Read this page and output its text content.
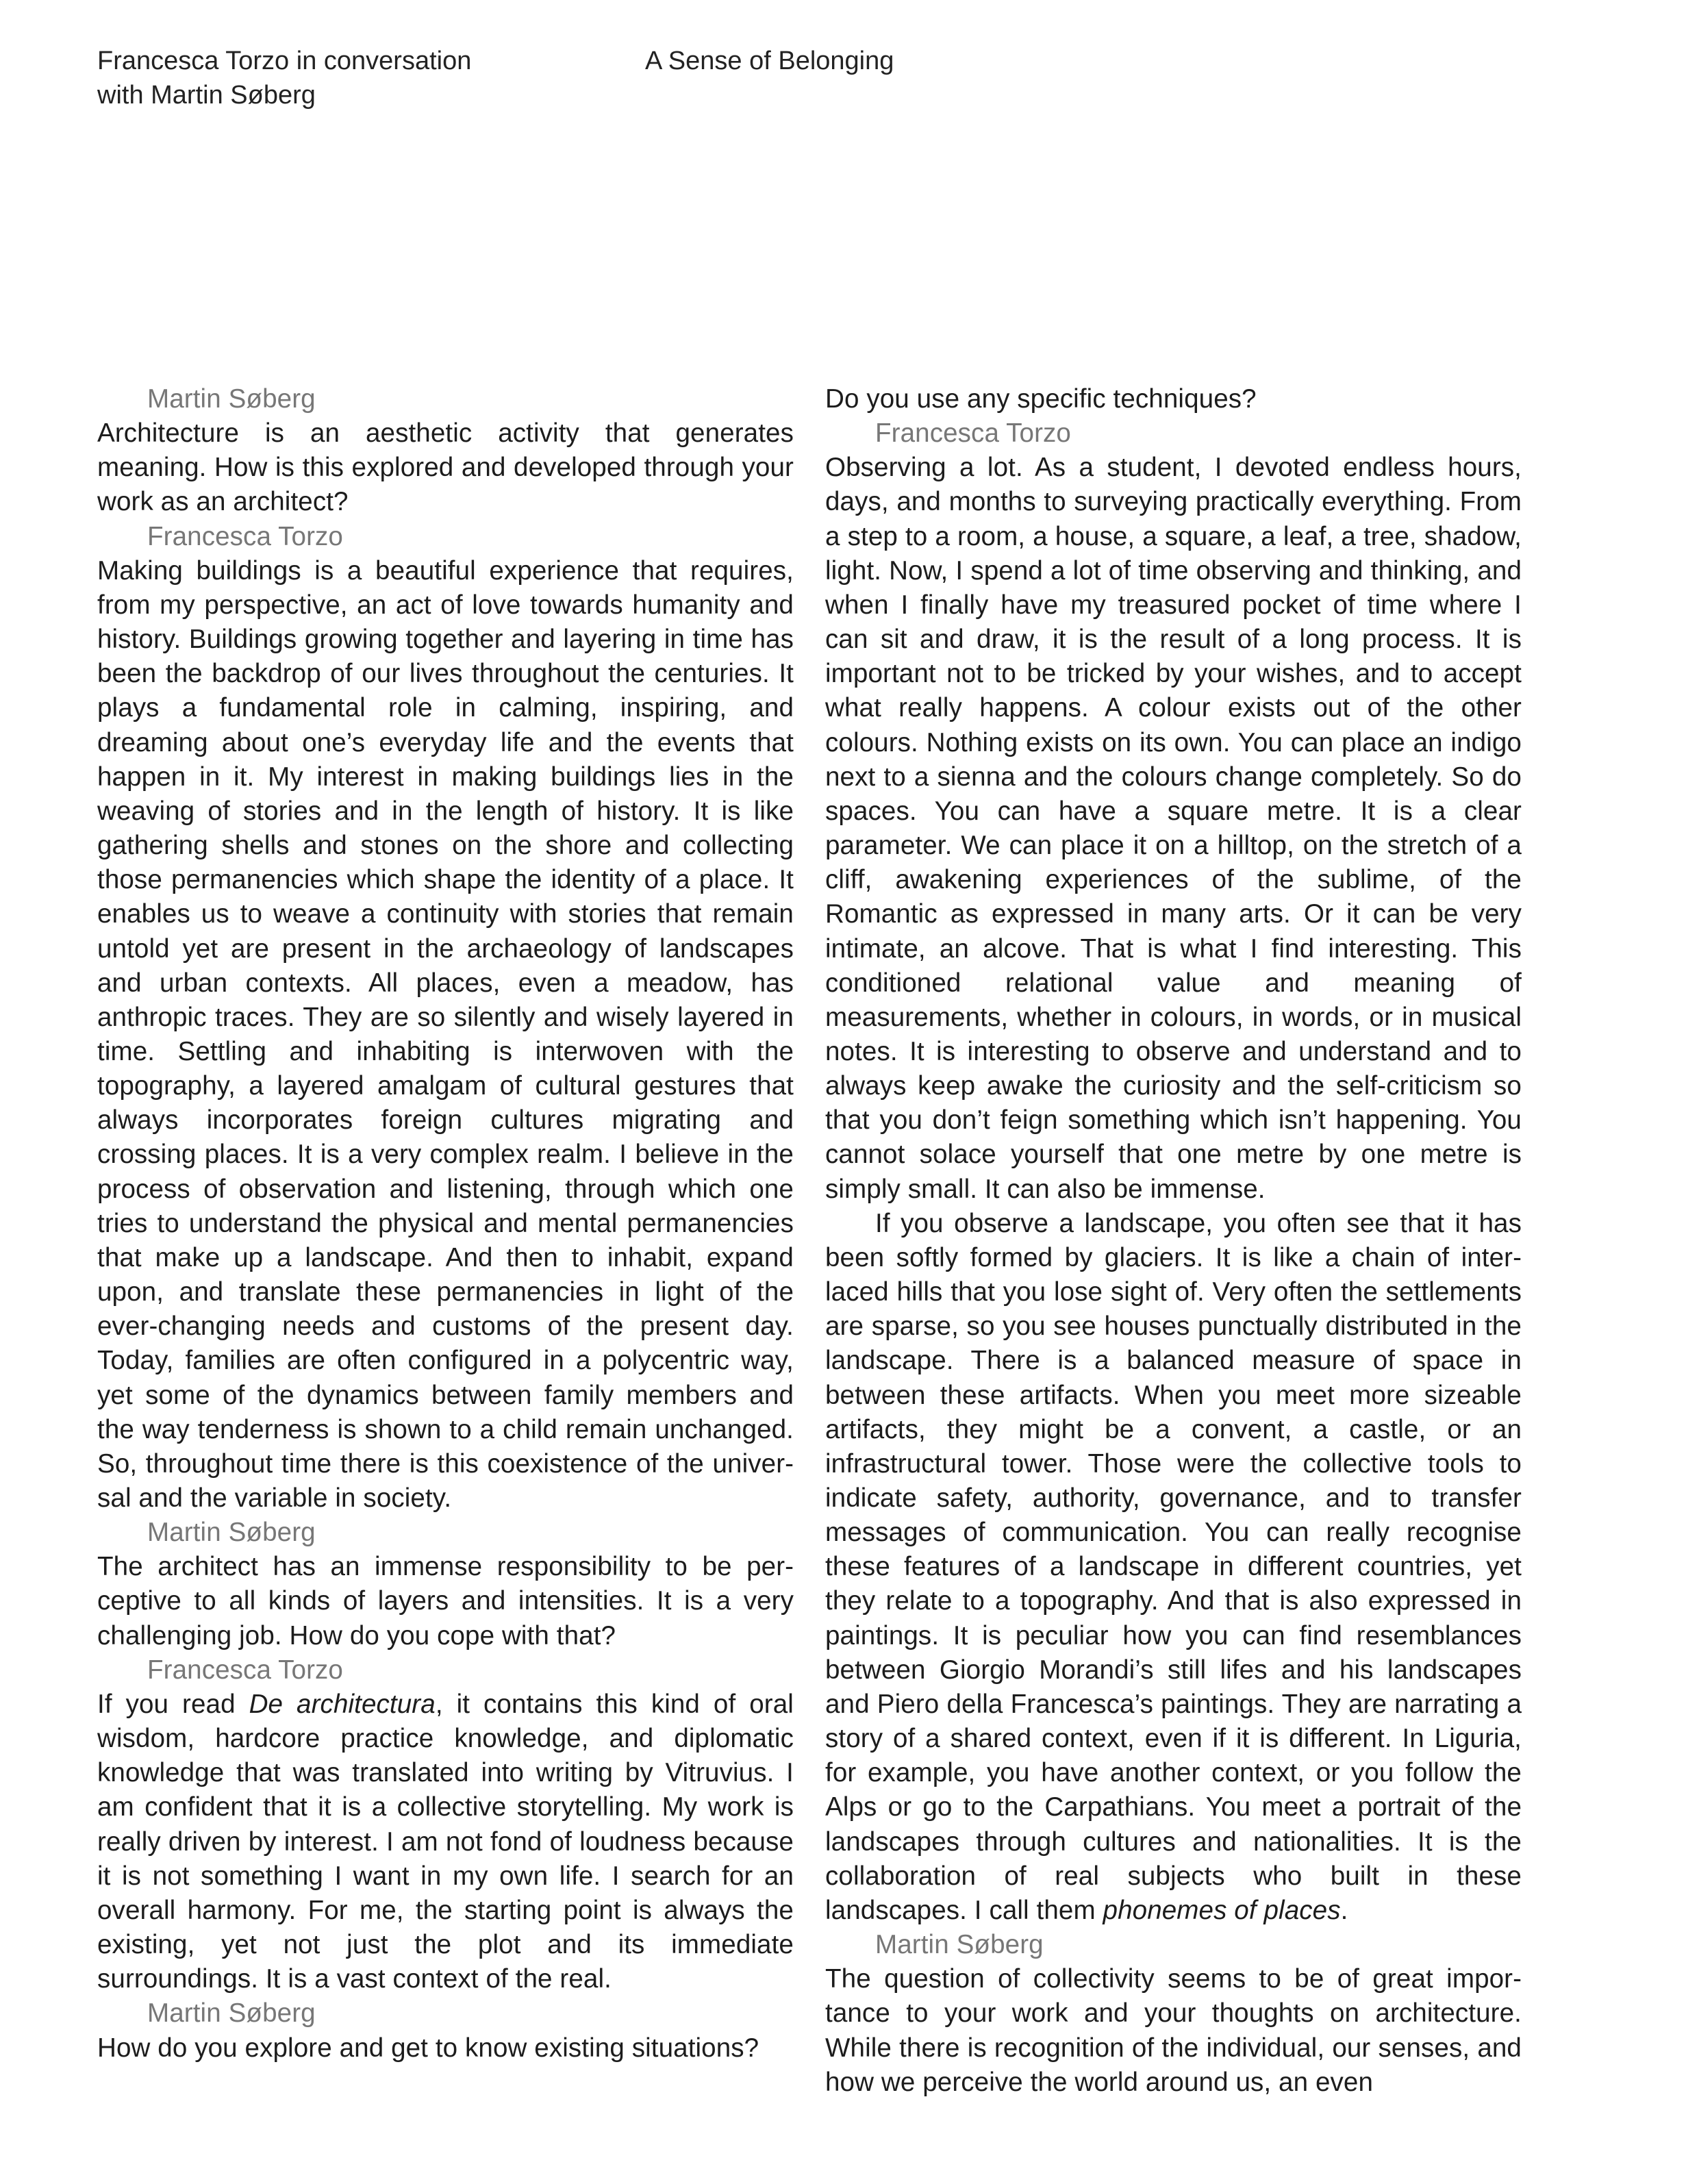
Francesca Torzo in conversation
with Martin Søberg
A Sense of Belonging

Martin Søberg

Architecture is an aesthetic activity that generates meaning. How is this explored and developed through your work as an architect?

Francesca Torzo

Making buildings is a beautiful experience that requires, from my perspective, an act of love towards humanity and history. Buildings growing together and layering in time has been the backdrop of our lives throughout the centuries. It plays a fundamental role in calming, inspiring, and dreaming about one’s everyday life and the events that happen in it. My interest in making buildings lies in the weaving of stories and in the length of history. It is like gathering shells and stones on the shore and collecting those permanencies which shape the identity of a place. It enables us to weave a continuity with stories that remain untold yet are present in the archaeology of landscapes and urban contexts. All places, even a meadow, has anthropic traces. They are so silently and wisely layered in time. Settling and inhabiting is interwoven with the topography, a layered amalgam of cultural gestures that always incorporates foreign cultures migrating and crossing places. It is a very complex realm. I believe in the process of observation and listening, through which one tries to understand the physical and mental permanencies that make up a landscape. And then to inhabit, expand upon, and translate these permanencies in light of the ever-changing needs and customs of the present day. Today, families are often configured in a polycentric way, yet some of the dynamics between family members and the way tenderness is shown to a child remain unchanged. So, throughout time there is this coexistence of the universal and the variable in society.

Martin Søberg

The architect has an immense responsibility to be perceptive to all kinds of layers and intensities. It is a very challenging job. How do you cope with that?

Francesca Torzo

If you read De architectura, it contains this kind of oral wisdom, hardcore practice knowledge, and diplomatic knowledge that was translated into writing by Vitruvius. I am confident that it is a collective storytelling. My work is really driven by interest. I am not fond of loudness because it is not something I want in my own life. I search for an overall harmony. For me, the starting point is always the existing, yet not just the plot and its immediate surroundings. It is a vast context of the real.

Martin Søberg

How do you explore and get to know existing situations?

Do you use any specific techniques?

Francesca Torzo

Observing a lot. As a student, I devoted endless hours, days, and months to surveying practically everything. From a step to a room, a house, a square, a leaf, a tree, shadow, light. Now, I spend a lot of time observing and thinking, and when I finally have my treasured pocket of time where I can sit and draw, it is the result of a long process. It is important not to be tricked by your wishes, and to accept what really happens. A colour exists out of the other colours. Nothing exists on its own. You can place an indigo next to a sienna and the colours change completely. So do spaces. You can have a square metre. It is a clear parameter. We can place it on a hilltop, on the stretch of a cliff, awakening experiences of the sublime, of the Romantic as expressed in many arts. Or it can be very intimate, an alcove. That is what I find interesting. This conditioned relational value and meaning of measurements, whether in colours, in words, or in musical notes. It is interesting to observe and understand and to always keep awake the curiosity and the self-criticism so that you don’t feign something which isn’t happening. You cannot solace yourself that one metre by one metre is simply small. It can also be immense.

If you observe a landscape, you often see that it has been softly formed by glaciers. It is like a chain of interlaced hills that you lose sight of. Very often the settlements are sparse, so you see houses punctually distributed in the landscape. There is a balanced measure of space in between these artifacts. When you meet more sizeable artifacts, they might be a convent, a castle, or an infrastructural tower. Those were the collective tools to indicate safety, authority, governance, and to transfer messages of communication. You can really recognise these features of a landscape in different countries, yet they relate to a topography. And that is also expressed in paintings. It is peculiar how you can find resemblances between Giorgio Morandi’s still lifes and his landscapes and Piero della Francesca’s paintings. They are narrating a story of a shared context, even if it is different. In Liguria, for example, you have another context, or you follow the Alps or go to the Carpathians. You meet a portrait of the landscapes through cultures and nationalities. It is the collaboration of real subjects who built in these landscapes. I call them phonemes of places.

Martin Søberg

The question of collectivity seems to be of great importance to your work and your thoughts on architecture. While there is recognition of the individual, our senses, and how we perceive the world around us, an even
